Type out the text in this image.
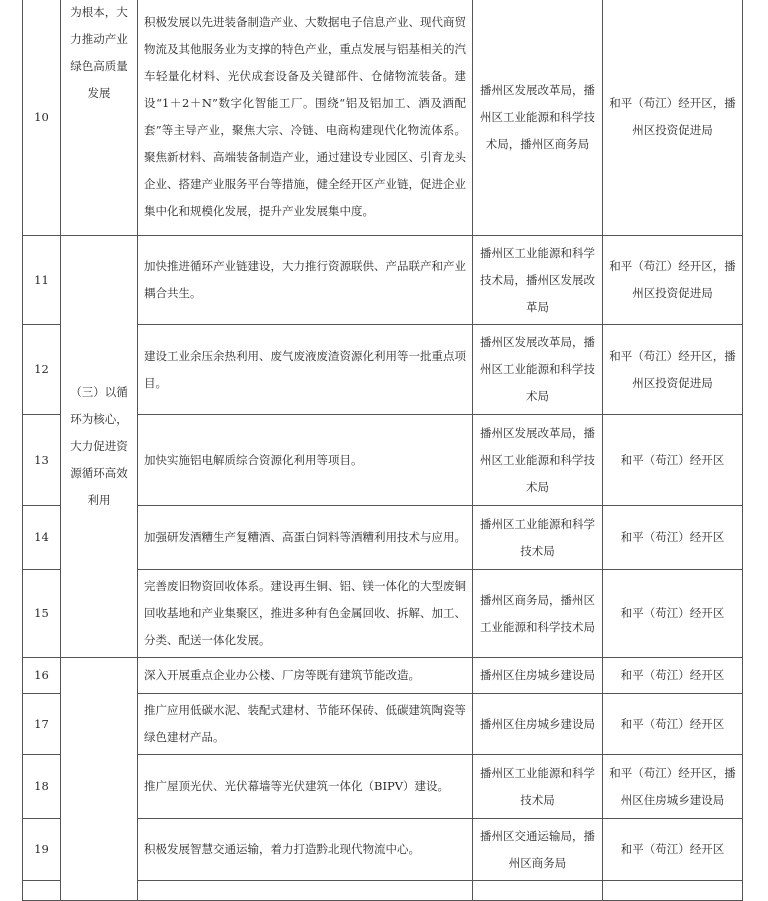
10	为根本，大力推动产业绿色高质量发展	积极发展以先进装备制造产业、大数据电子信息产业、现代商贸物流及其他服务业为支撑的特色产业，重点发展与铝基相关的汽车轻量化材料、光伏成套设备及关键部件、仓储物流装备。建设“1＋2＋N”数字化智能工厂。围绕“铝及铝加工、酒及酒配套”等主导产业，聚焦大宗、冷链、电商构建现代化物流体系。聚焦新材料、高端装备制造产业，通过建设专业园区、引育龙头企业、搭建产业服务平台等措施，健全经开区产业链，促进企业集中化和规模化发展，提升产业发展集中度。	播州区发展改革局，播州区工业能源和科学技术局，播州区商务局	和平（苟江）经开区，播州区投资促进局
11	（三）以循环为核心，大力促进资源循环高效利用	加快推进循环产业链建设，大力推行资源联供、产品联产和产业耦合共生。	播州区工业能源和科学技术局，播州区发展改革局	和平（苟江）经开区，播州区投资促进局
12		建设工业余压余热利用、废气废液废渣资源化利用等一批重点项目。	播州区发展改革局，播州区工业能源和科学技术局	和平（苟江）经开区，播州区投资促进局
13		加快实施铝电解质综合资源化利用等项目。	播州区发展改革局，播州区工业能源和科学技术局	和平（苟江）经开区
14		加强研发酒糟生产复糟酒、高蛋白饲料等酒糟利用技术与应用。	播州区工业能源和科学技术局	和平（苟江）经开区
15		完善废旧物资回收体系。建设再生铜、铝、镁一体化的大型废铜回收基地和产业集聚区，推进多种有色金属回收、拆解、加工、分类、配送一体化发展。	播州区商务局，播州区工业能源和科学技术局	和平（苟江）经开区
16		深入开展重点企业办公楼、厂房等既有建筑节能改造。	播州区住房城乡建设局	和平（苟江）经开区
17		推广应用低碳水泥、装配式建材、节能环保砖、低碳建筑陶瓷等绿色建材产品。	播州区住房城乡建设局	和平（苟江）经开区
18		推广屋顶光伏、光伏幕墙等光伏建筑一体化（BIPV）建设。	播州区工业能源和科学技术局	和平（苟江）经开区，播州区住房城乡建设局
19		积极发展智慧交通运输，着力打造黔北现代物流中心。	播州区交通运输局，播州区商务局	和平（苟江）经开区
